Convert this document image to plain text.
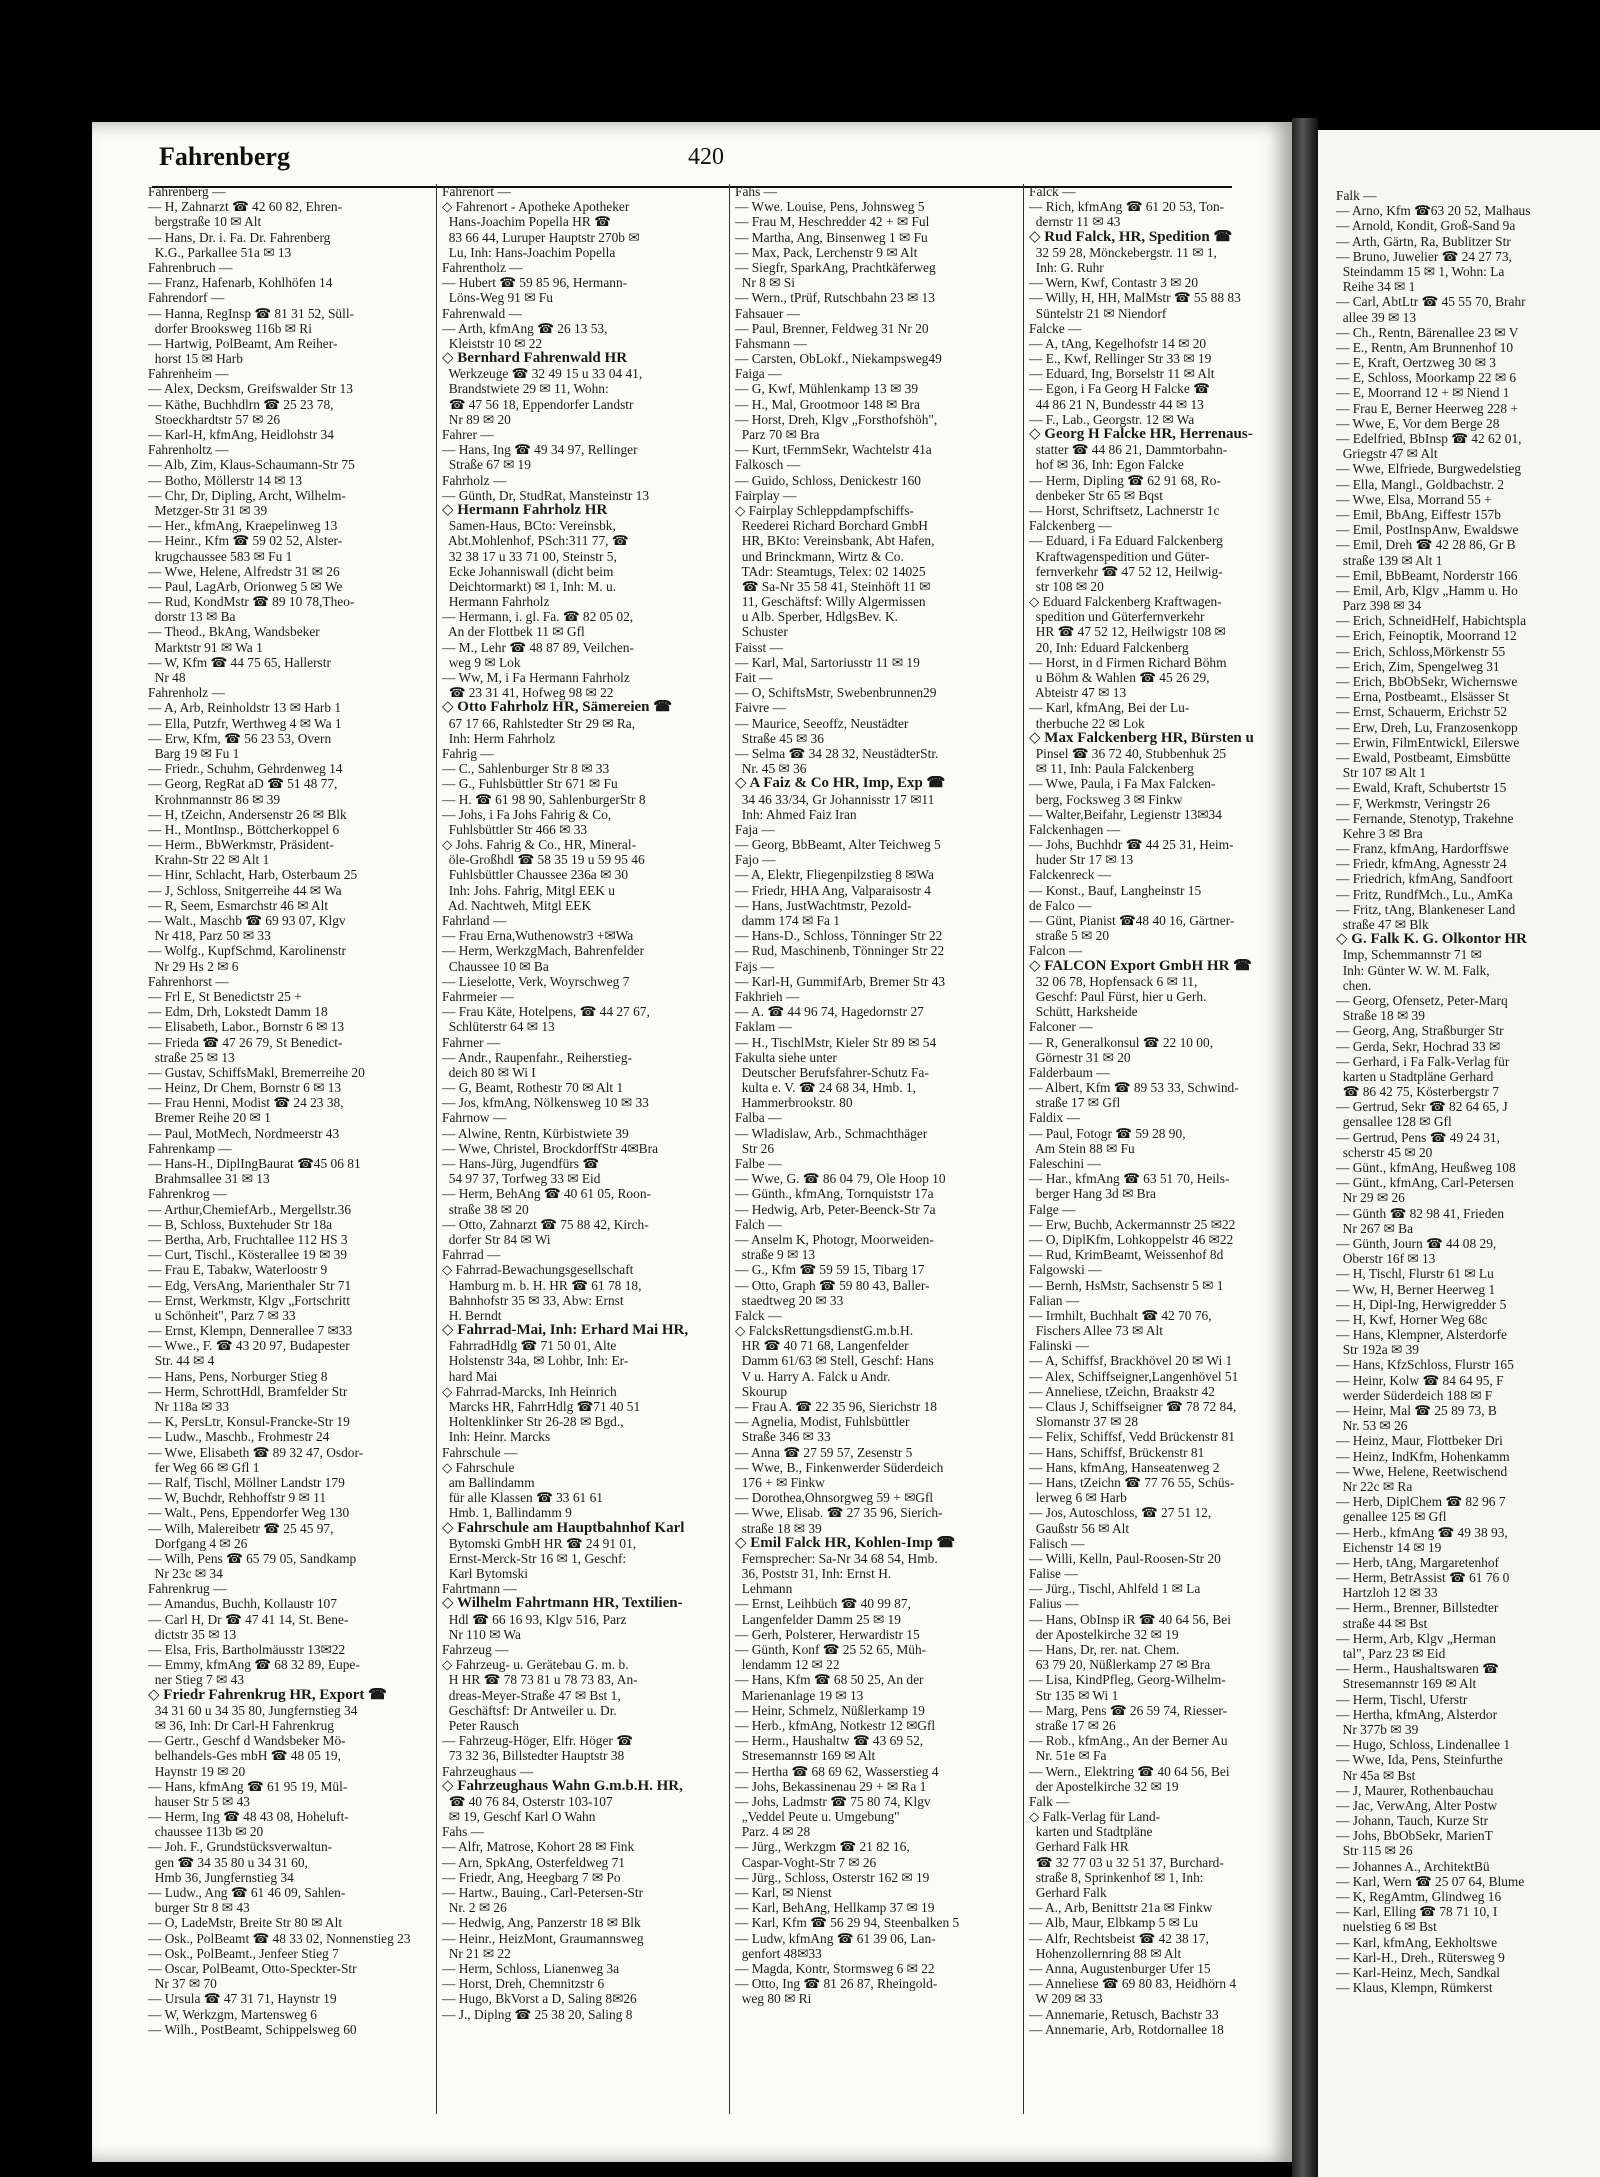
Fahrenberg	420
Fahrenberg —
— H, Zahnarzt ☎ 42 60 82, Ehren-
bergstraße 10 ✉ Alt
— Hans, Dr. i. Fa. Dr. Fahrenberg
K.G., Parkallee 51a ✉ 13
Fahrenbruch —
— Franz, Hafenarb, Kohlhöfen 14
Fahrendorf —
— Hanna, RegInsp ☎ 81 31 52, Süll-
dorfer Brooksweg 116b ✉ Ri
— Hartwig, PolBeamt, Am Reiher-
horst 15 ✉ Harb
Fahrenheim —
— Alex, Decksm, Greifswalder Str 13
— Käthe, Buchhdlrn ☎ 25 23 78,
Stoeckhardtstr 57 ✉ 26
— Karl-H, kfmAng, Heidlohstr 34
Fahrenholtz —
— Alb, Zim, Klaus-Schaumann-Str 75
— Botho, Möllerstr 14 ✉ 13
— Chr, Dr, Dipling, Archt, Wilhelm-
Metzger-Str 31 ✉ 39
— Her., kfmAng, Kraepelinweg 13
— Heinr., Kfm ☎ 59 02 52, Alster-
krugchaussee 583 ✉ Fu 1
— Wwe, Helene, Alfredstr 31 ✉ 26
— Paul, LagArb, Orionweg 5 ✉ We
— Rud, KondMstr ☎ 89 10 78,Theo-
dorstr 13 ✉ Ba
— Theod., BkAng, Wandsbeker
Marktstr 91 ✉ Wa 1
— W, Kfm ☎ 44 75 65, Hallerstr
Nr 48
Fahrenholz —
— A, Arb, Reinholdstr 13 ✉ Harb 1
— Ella, Putzfr, Werthweg 4 ✉ Wa 1
— Erw, Kfm, ☎ 56 23 53, Overn
Barg 19 ✉ Fu 1
— Friedr., Schuhm, Gehrdenweg 14
— Georg, RegRat aD ☎ 51 48 77,
Krohnmannstr 86 ✉ 39
— H, tZeichn, Andersenstr 26 ✉ Blk
— H., MontInsp., Böttcherkoppel 6
— Herm., BbWerkmstr, Präsident-
Krahn-Str 22 ✉ Alt 1
— Hinr, Schlacht, Harb, Osterbaum 25
— J, Schloss, Snitgerreihe 44 ✉ Wa
— R, Seem, Esmarchstr 46 ✉ Alt
— Walt., Maschb ☎ 69 93 07, Klgv
Nr 418, Parz 50 ✉ 33
— Wolfg., KupfSchmd, Karolinenstr
Nr 29 Hs 2 ✉ 6
Fahrenhorst —
— Frl E, St Benedictstr 25 +
— Edm, Drh, Lokstedt Damm 18
— Elisabeth, Labor., Bornstr 6 ✉ 13
— Frieda ☎ 47 26 79, St Benedict-
straße 25 ✉ 13
— Gustav, SchiffsMakl, Bremerreihe 20
— Heinz, Dr Chem, Bornstr 6 ✉ 13
— Frau Henni, Modist ☎ 24 23 38,
Bremer Reihe 20 ✉ 1
— Paul, MotMech, Nordmeerstr 43
Fahrenkamp —
— Hans-H., DiplIngBaurat ☎45 06 81
Brahmsallee 31 ✉ 13
Fahrenkrog —
— Arthur,ChemiefArb., Mergellstr.36
— B, Schloss, Buxtehuder Str 18a
— Bertha, Arb, Fruchtallee 112 HS 3
— Curt, Tischl., Kösterallee 19 ✉ 39
— Frau E, Tabakw, Waterloostr 9
— Edg, VersAng, Marienthaler Str 71
— Ernst, Werkmstr, Klgv „Fortschritt
u Schönheit", Parz 7 ✉ 33
— Ernst, Klempn, Dennerallee 7 ✉33
— Wwe., F. ☎ 43 20 97, Budapester
Str. 44 ✉ 4
— Hans, Pens, Norburger Stieg 8
— Herm, SchrottHdl, Bramfelder Str
Nr 118a ✉ 33
— K, PersLtr, Konsul-Francke-Str 19
— Ludw., Maschb., Frohmestr 24
— Wwe, Elisabeth ☎ 89 32 47, Osdor-
fer Weg 66 ✉ Gfl 1
— Ralf, Tischl, Möllner Landstr 179
— W, Buchdr, Rehhoffstr 9 ✉ 11
— Walt., Pens, Eppendorfer Weg 130
— Wilh, Malereibetr ☎ 25 45 97,
Dorfgang 4 ✉ 26
— Wilh, Pens ☎ 65 79 05, Sandkamp
Nr 23c ✉ 34
Fahrenkrug —
— Amandus, Buchh, Kollaustr 107
— Carl H, Dr ☎ 47 41 14, St. Bene-
dictstr 35 ✉ 13
— Elsa, Fris, Bartholmäusstr 13✉22
— Emmy, kfmAng ☎ 68 32 89, Eupe-
ner Stieg 7 ✉ 43
◇ Friedr Fahrenkrug HR, Export ☎
34 31 60 u 34 35 80, Jungfernstieg 34
✉ 36, Inh: Dr Carl-H Fahrenkrug
— Gertr., Geschf d Wandsbeker Mö-
belhandels-Ges mbH ☎ 48 05 19,
Haynstr 19 ✉ 20
— Hans, kfmAng ☎ 61 95 19, Mül-
hauser Str 5 ✉ 43
— Herm, Ing ☎ 48 43 08, Hoheluft-
chaussee 113b ✉ 20
— Joh. F., Grundstücksverwaltun-
gen ☎ 34 35 80 u 34 31 60,
Hmb 36, Jungfernstieg 34
— Ludw., Ang ☎ 61 46 09, Sahlen-
burger Str 8 ✉ 43
— O, LadeMstr, Breite Str 80 ✉ Alt
— Osk., PolBeamt ☎ 48 33 02, Nonnenstieg 23
— Osk., PolBeamt., Jenfeer Stieg 7
— Oscar, PolBeamt, Otto-Speckter-Str
Nr 37 ✉ 70
— Ursula ☎ 47 31 71, Haynstr 19
— W, Werkzgm, Martensweg 6
— Wilh., PostBeamt, Schippelsweg 60
Fahrenort —
◇ Fahrenort - Apotheke Apotheker
Hans-Joachim Popella HR ☎
83 66 44, Luruper Hauptstr 270b ✉
Lu, Inh: Hans-Joachim Popella
Fahrentholz —
— Hubert ☎ 59 85 96, Hermann-
Löns-Weg 91 ✉ Fu
Fahrenwald —
— Arth, kfmAng ☎ 26 13 53,
Kleiststr 10 ✉ 22
◇ Bernhard Fahrenwald HR
Werkzeuge ☎ 32 49 15 u 33 04 41,
Brandstwiete 29 ✉ 11, Wohn:
☎ 47 56 18, Eppendorfer Landstr
Nr 89 ✉ 20
Fahrer —
— Hans, Ing ☎ 49 34 97, Rellinger
Straße 67 ✉ 19
Fahrholz —
— Günth, Dr, StudRat, Mansteinstr 13
◇ Hermann Fahrholz HR
Samen-Haus, BCto: Vereinsbk,
Abt.Mohlenhof, PSch:311 77, ☎
32 38 17 u 33 71 00, Steinstr 5,
Ecke Johanniswall (dicht beim
Deichtormarkt) ✉ 1, Inh: M. u.
Hermann Fahrholz
— Hermann, i. gl. Fa. ☎ 82 05 02,
An der Flottbek 11 ✉ Gfl
— M., Lehr ☎ 48 87 89, Veilchen-
weg 9 ✉ Lok
— Ww, M, i Fa Hermann Fahrholz
☎ 23 31 41, Hofweg 98 ✉ 22
◇ Otto Fahrholz HR, Sämereien ☎
67 17 66, Rahlstedter Str 29 ✉ Ra,
Inh: Herm Fahrholz
Fahrig —
— C., Sahlenburger Str 8 ✉ 33
— G., Fuhlsbüttler Str 671 ✉ Fu
— H. ☎ 61 98 90, SahlenburgerStr 8
— Johs, i Fa Johs Fahrig & Co,
Fuhlsbüttler Str 466 ✉ 33
◇ Johs. Fahrig & Co., HR, Mineral-
öle-Großhdl ☎ 58 35 19 u 59 95 46
Fuhlsbüttler Chaussee 236a ✉ 30
Inh: Johs. Fahrig, Mitgl EEK u
Ad. Nachtweh, Mitgl EEK
Fahrland —
— Frau Erna,Wuthenowstr3 +✉Wa
— Herm, WerkzgMach, Bahrenfelder
Chaussee 10 ✉ Ba
— Lieselotte, Verk, Woyrschweg 7
Fahrmeier —
— Frau Käte, Hotelpens, ☎ 44 27 67,
Schlüterstr 64 ✉ 13
Fahrner —
— Andr., Raupenfahr., Reiherstieg-
deich 80 ✉ Wi I
— G, Beamt, Rothestr 70 ✉ Alt 1
— Jos, kfmAng, Nölkensweg 10 ✉ 33
Fahrnow —
— Alwine, Rentn, Kürbistwiete 39
— Wwe, Christel, BrockdorffStr 4✉Bra
— Hans-Jürg, Jugendfürs ☎
54 97 37, Torfweg 33 ✉ Eid
— Herm, BehAng ☎ 40 61 05, Roon-
straße 38 ✉ 20
— Otto, Zahnarzt ☎ 75 88 42, Kirch-
dorfer Str 84 ✉ Wi
Fahrrad —
◇ Fahrrad-Bewachungsgesellschaft
Hamburg m. b. H. HR ☎ 61 78 18,
Bahnhofstr 35 ✉ 33, Abw: Ernst
H. Berndt
◇ Fahrrad-Mai, Inh: Erhard Mai HR,
FahrradHdlg ☎ 71 50 01, Alte
Holstenstr 34a, ✉ Lohbr, Inh: Er-
hard Mai
◇ Fahrrad-Marcks, Inh Heinrich
Marcks HR, FahrrHdlg ☎71 40 51
Holtenklinker Str 26-28 ✉ Bgd.,
Inh: Heinr. Marcks
Fahrschule —
◇ Fahrschule
am Ballindamm
für alle Klassen ☎ 33 61 61
Hmb. 1, Ballindamm 9
◇ Fahrschule am Hauptbahnhof Karl
Bytomski GmbH HR ☎ 24 91 01,
Ernst-Merck-Str 16 ✉ 1, Geschf:
Karl Bytomski
Fahrtmann —
◇ Wilhelm Fahrtmann HR, Textilien-
Hdl ☎ 66 16 93, Klgv 516, Parz
Nr 110 ✉ Wa
Fahrzeug —
◇ Fahrzeug- u. Gerätebau G. m. b.
H HR ☎ 78 73 81 u 78 73 83, An-
dreas-Meyer-Straße 47 ✉ Bst 1,
Geschäftsf: Dr Antweiler u. Dr.
Peter Rausch
— Fahrzeug-Höger, Elfr. Höger ☎
73 32 36, Billstedter Hauptstr 38
Fahrzeughaus —
◇ Fahrzeughaus Wahn G.m.b.H. HR,
☎ 40 76 84, Osterstr 103-107
✉ 19, Geschf Karl O Wahn
Fahs —
— Alfr, Matrose, Kohort 28 ✉ Fink
— Arn, SpkAng, Osterfeldweg 71
— Friedr, Ang, Heegbarg 7 ✉ Po
— Hartw., Bauing., Carl-Petersen-Str
Nr. 2 ✉ 26
— Hedwig, Ang, Panzerstr 18 ✉ Blk
— Heinr., HeizMont, Graumannsweg
Nr 21 ✉ 22
— Herm, Schloss, Lianenweg 3a
— Horst, Dreh, Chemnitzstr 6
— Hugo, BkVorst a D, Saling 8✉26
— J., Diplng ☎ 25 38 20, Saling 8
Fahs —
— Wwe. Louise, Pens, Johnsweg 5
— Frau M, Heschredder 42 + ✉ Ful
— Martha, Ang, Binsenweg 1 ✉ Fu
— Max, Pack, Lerchenstr 9 ✉ Alt
— Siegfr, SparkAng, Prachtkäferweg
Nr 8 ✉ Si
— Wern., tPrüf, Rutschbahn 23 ✉ 13
Fahsauer —
— Paul, Brenner, Feldweg 31 Nr 20
Fahsmann —
— Carsten, ObLokf., Niekampsweg49
Faiga —
— G, Kwf, Mühlenkamp 13 ✉ 39
— H., Mal, Grootmoor 148 ✉ Bra
— Horst, Dreh, Klgv „Forsthofshöh",
Parz 70 ✉ Bra
— Kurt, tFernmSekr, Wachtelstr 41a
Falkosch —
— Guido, Schloss, Denickestr 160
Fairplay —
◇ Fairplay Schleppdampfschiffs-
Reederei Richard Borchard GmbH
HR, BKto: Vereinsbank, Abt Hafen,
und Brinckmann, Wirtz & Co.
TAdr: Steamtugs, Telex: 02 14025
☎ Sa-Nr 35 58 41, Steinhöft 11 ✉
11, Geschäftsf: Willy Algermissen
u Alb. Sperber, HdlgsBev. K.
Schuster
Faisst —
— Karl, Mal, Sartoriusstr 11 ✉ 19
Fait —
— O, SchiftsMstr, Swebenbrunnen29
Faivre —
— Maurice, Seeoffz, Neustädter
Straße 45 ✉ 36
— Selma ☎ 34 28 32, NeustädterStr.
Nr. 45 ✉ 36
◇ A Faiz & Co HR, Imp, Exp ☎
34 46 33/34, Gr Johannisstr 17 ✉11
Inh: Ahmed Faiz Iran
Faja —
— Georg, BbBeamt, Alter Teichweg 5
Fajo —
— A, Elektr, Fliegenpilzstieg 8 ✉Wa
— Friedr, HHA Ang, Valparaisostr 4
— Hans, JustWachtmstr, Pezold-
damm 174 ✉ Fa 1
— Hans-D., Schloss, Tönninger Str 22
— Rud, Maschinenb, Tönninger Str 22
Fajs —
— Karl-H, GummifArb, Bremer Str 43
Fakhrieh —
— A. ☎ 44 96 74, Hagedornstr 27
Faklam —
— H., TischlMstr, Kieler Str 89 ✉ 54
Fakulta siehe unter
Deutscher Berufsfahrer-Schutz Fa-
kulta e. V. ☎ 24 68 34, Hmb. 1,
Hammerbrookstr. 80
Falba —
— Wladislaw, Arb., Schmachthäger
Str 26
Falbe —
— Wwe, G. ☎ 86 04 79, Ole Hoop 10
— Günth., kfmAng, Tornquiststr 17a
— Hedwig, Arb, Peter-Beenck-Str 7a
Falch —
— Anselm K, Photogr, Moorweiden-
straße 9 ✉ 13
— G., Kfm ☎ 59 59 15, Tibarg 17
— Otto, Graph ☎ 59 80 43, Baller-
staedtweg 20 ✉ 33
Falck —
◇ FalcksRettungsdienstG.m.b.H.
HR ☎ 40 71 68, Langenfelder
Damm 61/63 ✉ Stell, Geschf: Hans
V u. Harry A. Falck u Andr.
Skourup
— Frau A. ☎ 22 35 96, Sierichstr 18
— Agnelia, Modist, Fuhlsbüttler
Straße 346 ✉ 33
— Anna ☎ 27 59 57, Zesenstr 5
— Wwe, B., Finkenwerder Süderdeich
176 + ✉ Finkw
— Dorothea,Ohnsorgweg 59 + ✉Gfl
— Wwe, Elisab. ☎ 27 35 96, Sierich-
straße 18 ✉ 39
◇ Emil Falck HR, Kohlen-Imp ☎
Fernsprecher: Sa-Nr 34 68 54, Hmb.
36, Poststr 31, Inh: Ernst H.
Lehmann
— Ernst, Leihbüch ☎ 40 99 87,
Langenfelder Damm 25 ✉ 19
— Gerh, Polsterer, Herwardistr 15
— Günth, Konf ☎ 25 52 65, Müh-
lendamm 12 ✉ 22
— Hans, Kfm ☎ 68 50 25, An der
Marienanlage 19 ✉ 13
— Heinr, Schmelz, Nüßlerkamp 19
— Herb., kfmAng, Notkestr 12 ✉Gfl
— Herm., Haushaltw ☎ 43 69 52,
Stresemannstr 169 ✉ Alt
— Hertha ☎ 68 69 62, Wasserstieg 4
— Johs, Bekassinenau 29 + ✉ Ra 1
— Johs, Ladmstr ☎ 75 80 74, Klgv
„Veddel Peute u. Umgebung"
Parz. 4 ✉ 28
— Jürg., Werkzgm ☎ 21 82 16,
Caspar-Voght-Str 7 ✉ 26
— Jürg., Schloss, Osterstr 162 ✉ 19
— Karl, ✉ Nienst
— Karl, BehAng, Hellkamp 37 ✉ 19
— Karl, Kfm ☎ 56 29 94, Steenbalken 5
— Ludw, kfmAng ☎ 61 39 06, Lan-
genfort 48✉33
— Magda, Kontr, Stormsweg 6 ✉ 22
— Otto, Ing ☎ 81 26 87, Rheingold-
weg 80 ✉ Ri
Falck —
— Rich, kfmAng ☎ 61 20 53, Ton-
dernstr 11 ✉ 43
◇ Rud Falck, HR, Spedition ☎
32 59 28, Mönckebergstr. 11 ✉ 1,
Inh: G. Ruhr
— Wern, Kwf, Contastr 3 ✉ 20
— Willy, H, HH, MalMstr ☎ 55 88 83
Süntelstr 21 ✉ Niendorf
Falcke —
— A, tAng, Kegelhofstr 14 ✉ 20
— E., Kwf, Rellinger Str 33 ✉ 19
— Eduard, Ing, Borselstr 11 ✉ Alt
— Egon, i Fa Georg H Falcke ☎
44 86 21 N, Bundesstr 44 ✉ 13
— F., Lab., Georgstr. 12 ✉ Wa
◇ Georg H Falcke HR, Herrenaus-
statter ☎ 44 86 21, Dammtorbahn-
hof ✉ 36, Inh: Egon Falcke
— Herm, Dipling ☎ 62 91 68, Ro-
denbeker Str 65 ✉ Bqst
— Horst, Schriftsetz, Lachnerstr 1c
Falckenberg —
— Eduard, i Fa Eduard Falckenberg
Kraftwagenspedition und Güter-
fernverkehr ☎ 47 52 12, Heilwig-
str 108 ✉ 20
◇ Eduard Falckenberg Kraftwagen-
spedition und Güterfernverkehr
HR ☎ 47 52 12, Heilwigstr 108 ✉
20, Inh: Eduard Falckenberg
— Horst, in d Firmen Richard Böhm
u Böhm & Wahlen ☎ 45 26 29,
Abteistr 47 ✉ 13
— Karl, kfmAng, Bei der Lu-
therbuche 22 ✉ Lok
◇ Max Falckenberg HR, Bürsten u
Pinsel ☎ 36 72 40, Stubbenhuk 25
✉ 11, Inh: Paula Falckenberg
— Wwe, Paula, i Fa Max Falcken-
berg, Focksweg 3 ✉ Finkw
— Walter,Beifahr, Legienstr 13✉34
Falckenhagen —
— Johs, Buchhdr ☎ 44 25 31, Heim-
huder Str 17 ✉ 13
Falckenreck —
— Konst., Bauf, Langheinstr 15
de Falco —
— Günt, Pianist ☎48 40 16, Gärtner-
straße 5 ✉ 20
Falcon —
◇ FALCON Export GmbH HR ☎
32 06 78, Hopfensack 6 ✉ 11,
Geschf: Paul Fürst, hier u Gerh.
Schütt, Harksheide
Falconer —
— R, Generalkonsul ☎ 22 10 00,
Görnestr 31 ✉ 20
Falderbaum —
— Albert, Kfm ☎ 89 53 33, Schwind-
straße 17 ✉ Gfl
Faldix —
— Paul, Fotogr ☎ 59 28 90,
Am Stein 88 ✉ Fu
Faleschini —
— Har., kfmAng ☎ 63 51 70, Heils-
berger Hang 3d ✉ Bra
Falge —
— Erw, Buchb, Ackermannstr 25 ✉22
— O, DiplKfm, Lohkoppelstr 46 ✉22
— Rud, KrimBeamt, Weissenhof 8d
Falgowski —
— Bernh, HsMstr, Sachsenstr 5 ✉ 1
Falian —
— Irmhilt, Buchhalt ☎ 42 70 76,
Fischers Allee 73 ✉ Alt
Falinski —
— A, Schiffsf, Brackhövel 20 ✉ Wi 1
— Alex, Schiffseigner,Langenhövel 51
— Anneliese, tZeichn, Braakstr 42
— Claus J, Schiffseigner ☎ 78 72 84,
Slomanstr 37 ✉ 28
— Felix, Schiffsf, Vedd Brückenstr 81
— Hans, Schiffsf, Brückenstr 81
— Hans, kfmAng, Hanseatenweg 2
— Hans, tZeichn ☎ 77 76 55, Schüs-
lerweg 6 ✉ Harb
— Jos, Autoschloss, ☎ 27 51 12,
Gaußstr 56 ✉ Alt
Falisch —
— Willi, Kelln, Paul-Roosen-Str 20
Falise —
— Jürg., Tischl, Ahlfeld 1 ✉ La
Falius —
— Hans, ObInsp iR ☎ 40 64 56, Bei
der Apostelkirche 32 ✉ 19
— Hans, Dr, rer. nat. Chem.
63 79 20, Nüßlerkamp 27 ✉ Bra
— Lisa, KindPfleg, Georg-Wilhelm-
Str 135 ✉ Wi 1
— Marg, Pens ☎ 26 59 74, Riesser-
straße 17 ✉ 26
— Rob., kfmAng., An der Berner Au
Nr. 51e ✉ Fa
— Wern., Elektring ☎ 40 64 56, Bei
der Apostelkirche 32 ✉ 19
Falk —
◇ Falk-Verlag für Land-
karten und Stadtpläne
Gerhard Falk HR
☎ 32 77 03 u 32 51 37, Burchard-
straße 8, Sprinkenhof ✉ 1, Inh:
Gerhard Falk
— A., Arb, Benittstr 21a ✉ Finkw
— Alb, Maur, Elbkamp 5 ✉ Lu
— Alfr, Rechtsbeist ☎ 42 38 17,
Hohenzollernring 88 ✉ Alt
— Anna, Augustenburger Ufer 15
— Anneliese ☎ 69 80 83, Heidhörn 4
W 209 ✉ 33
— Annemarie, Retusch, Bachstr 33
— Annemarie, Arb, Rotdornallee 18
Falk —
— Arno, Kfm ☎63 20 52, Malhaus
— Arnold, Kondit, Groß-Sand 9a
— Arth, Gärtn, Ra, Bublitzer Str
— Bruno, Juwelier ☎ 24 27 73,
Steindamm 15 ✉ 1, Wohn: La
Reihe 34 ✉ 1
— Carl, AbtLtr ☎ 45 55 70, Brahr
allee 39 ✉ 13
— Ch., Rentn, Bärenallee 23 ✉ V
— E., Rentn, Am Brunnenhof 10
— E, Kraft, Oertzweg 30 ✉ 3
— E, Schloss, Moorkamp 22 ✉ 6
— E, Moorrand 12 + ✉ Niend 1
— Frau E, Berner Heerweg 228 +
— Wwe, E, Vor dem Berge 28
— Edelfried, BbInsp ☎ 42 62 01,
Griegstr 47 ✉ Alt
— Wwe, Elfriede, Burgwedelstieg
— Ella, Mangl., Goldbachstr. 2
— Wwe, Elsa, Morrand 55 +
— Emil, BbAng, Eiffestr 157b
— Emil, PostInspAnw, Ewaldswe
— Emil, Dreh ☎ 42 28 86, Gr B
straße 139 ✉ Alt 1
— Emil, BbBeamt, Norderstr 166
— Emil, Arb, Klgv „Hamm u. Ho
Parz 398 ✉ 34
— Erich, SchneidHelf, Habichtspla
— Erich, Feinoptik, Moorrand 12
— Erich, Schloss,Mörkenstr 55
— Erich, Zim, Spengelweg 31
— Erich, BbObSekr, Wichernswe
— Erna, Postbeamt., Elsässer St
— Ernst, Schauerm, Erichstr 52
— Erw, Dreh, Lu, Franzosenkopp
— Erwin, FilmEntwickl, Eilerswe
— Ewald, Postbeamt, Eimsbütte
Str 107 ✉ Alt 1
— Ewald, Kraft, Schubertstr 15
— F, Werkmstr, Veringstr 26
— Fernande, Stenotyp, Trakehne
Kehre 3 ✉ Bra
— Franz, kfmAng, Hardorffswe
— Friedr, kfmAng, Agnesstr 24
— Friedrich, kfmAng, Sandfoort
— Fritz, RundfMch., Lu., AmKa
— Fritz, tAng, Blankeneser Land
straße 47 ✉ Blk
◇ G. Falk K. G. Ölkontor HR
Imp, Schemmannstr 71 ✉
Inh: Günter W. W. M. Falk,
chen.
— Georg, Ofensetz, Peter-Marq
Straße 18 ✉ 39
— Georg, Ang, Straßburger Str
— Gerda, Sekr, Hochrad 33 ✉
— Gerhard, i Fa Falk-Verlag für
karten u Stadtpläne Gerhard
☎ 86 42 75, Kösterbergstr 7
— Gertrud, Sekr ☎ 82 64 65, J
gensallee 128 ✉ Gfl
— Gertrud, Pens ☎ 49 24 31,
scherstr 45 ✉ 20
— Günt., kfmAng, Heußweg 108
— Günt., kfmAng, Carl-Petersen
Nr 29 ✉ 26
— Günth ☎ 82 98 41, Frieden
Nr 267 ✉ Ba
— Günth, Journ ☎ 44 08 29,
Oberstr 16f ✉ 13
— H, Tischl, Flurstr 61 ✉ Lu
— Ww, H, Berner Heerweg 1
— H, Dipl-Ing, Herwigredder 5
— H, Kwf, Horner Weg 68c
— Hans, Klempner, Alsterdorfe
Str 192a ✉ 39
— Hans, KfzSchloss, Flurstr 165
— Heinr, Kolw ☎ 84 64 95, F
werder Süderdeich 188 ✉ F
— Heinr, Mal ☎ 25 89 73, B
Nr. 53 ✉ 26
— Heinz, Maur, Flottbeker Dri
— Heinz, IndKfm, Hohenkamm
— Wwe, Helene, Reetwischend
Nr 22c ✉ Ra
— Herb, DiplChem ☎ 82 96 7
genallee 125 ✉ Gfl
— Herb., kfmAng ☎ 49 38 93,
Eichenstr 14 ✉ 19
— Herb, tAng, Margaretenhof
— Herm, BetrAssist ☎ 61 76 0
Hartzloh 12 ✉ 33
— Herm., Brenner, Billstedter
straße 44 ✉ Bst
— Herm, Arb, Klgv „Herman
tal", Parz 23 ✉ Eid
— Herm., Haushaltswaren ☎
Stresemannstr 169 ✉ Alt
— Herm, Tischl, Uferstr
— Hertha, kfmAng, Alsterdor
Nr 377b ✉ 39
— Hugo, Schloss, Lindenallee 1
— Wwe, Ida, Pens, Steinfurthe
Nr 45a ✉ Bst
— J, Maurer, Rothenbauchau
— Jac, VerwAng, Alter Postw
— Johann, Tauch, Kurze Str
— Johs, BbObSekr, MarienT
Str 115 ✉ 26
— Johannes A., ArchitektBü
— Karl, Wern ☎ 25 07 64, Blume
— K, RegAmtm, Glindweg 16
— Karl, Elling ☎ 78 71 10, I
nuelstieg 6 ✉ Bst
— Karl, kfmAng, Eekholtswe
— Karl-H., Dreh., Rütersweg 9
— Karl-Heinz, Mech, Sandkal
— Klaus, Klempn, Rümkerst
